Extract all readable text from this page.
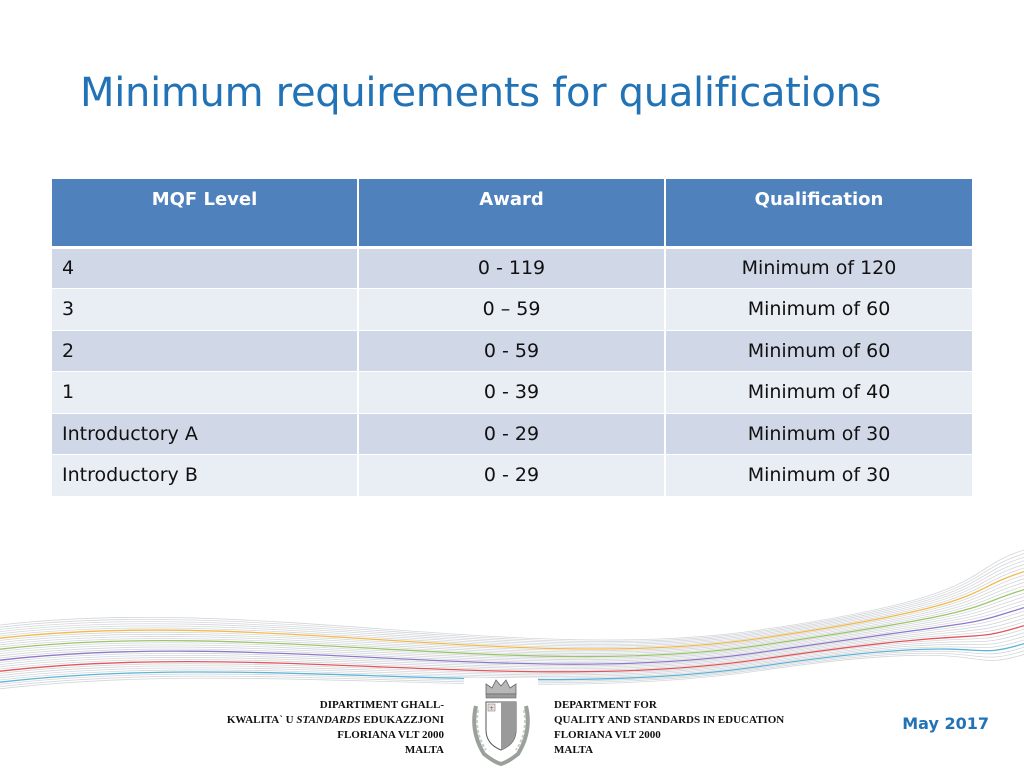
Minimum requirements for qualifications
MQF Level	Award	Qualification
4	0 - 119	Minimum of 120
3	0 – 59	Minimum of 60
2	0 - 59	Minimum of 60
1	0 - 39	Minimum of 40
Introductory A	0 - 29	Minimum of 30
Introductory B	0 - 29	Minimum of 30
DIPARTIMENT GHALL-
KWALITA` U STANDARDS EDUKAZZJONI
FLORIANA VLT 2000
MALTA
+	DEPARTMENT FOR
QUALITY AND STANDARDS IN EDUCATION
FLORIANA VLT 2000
MALTA
May 2017
